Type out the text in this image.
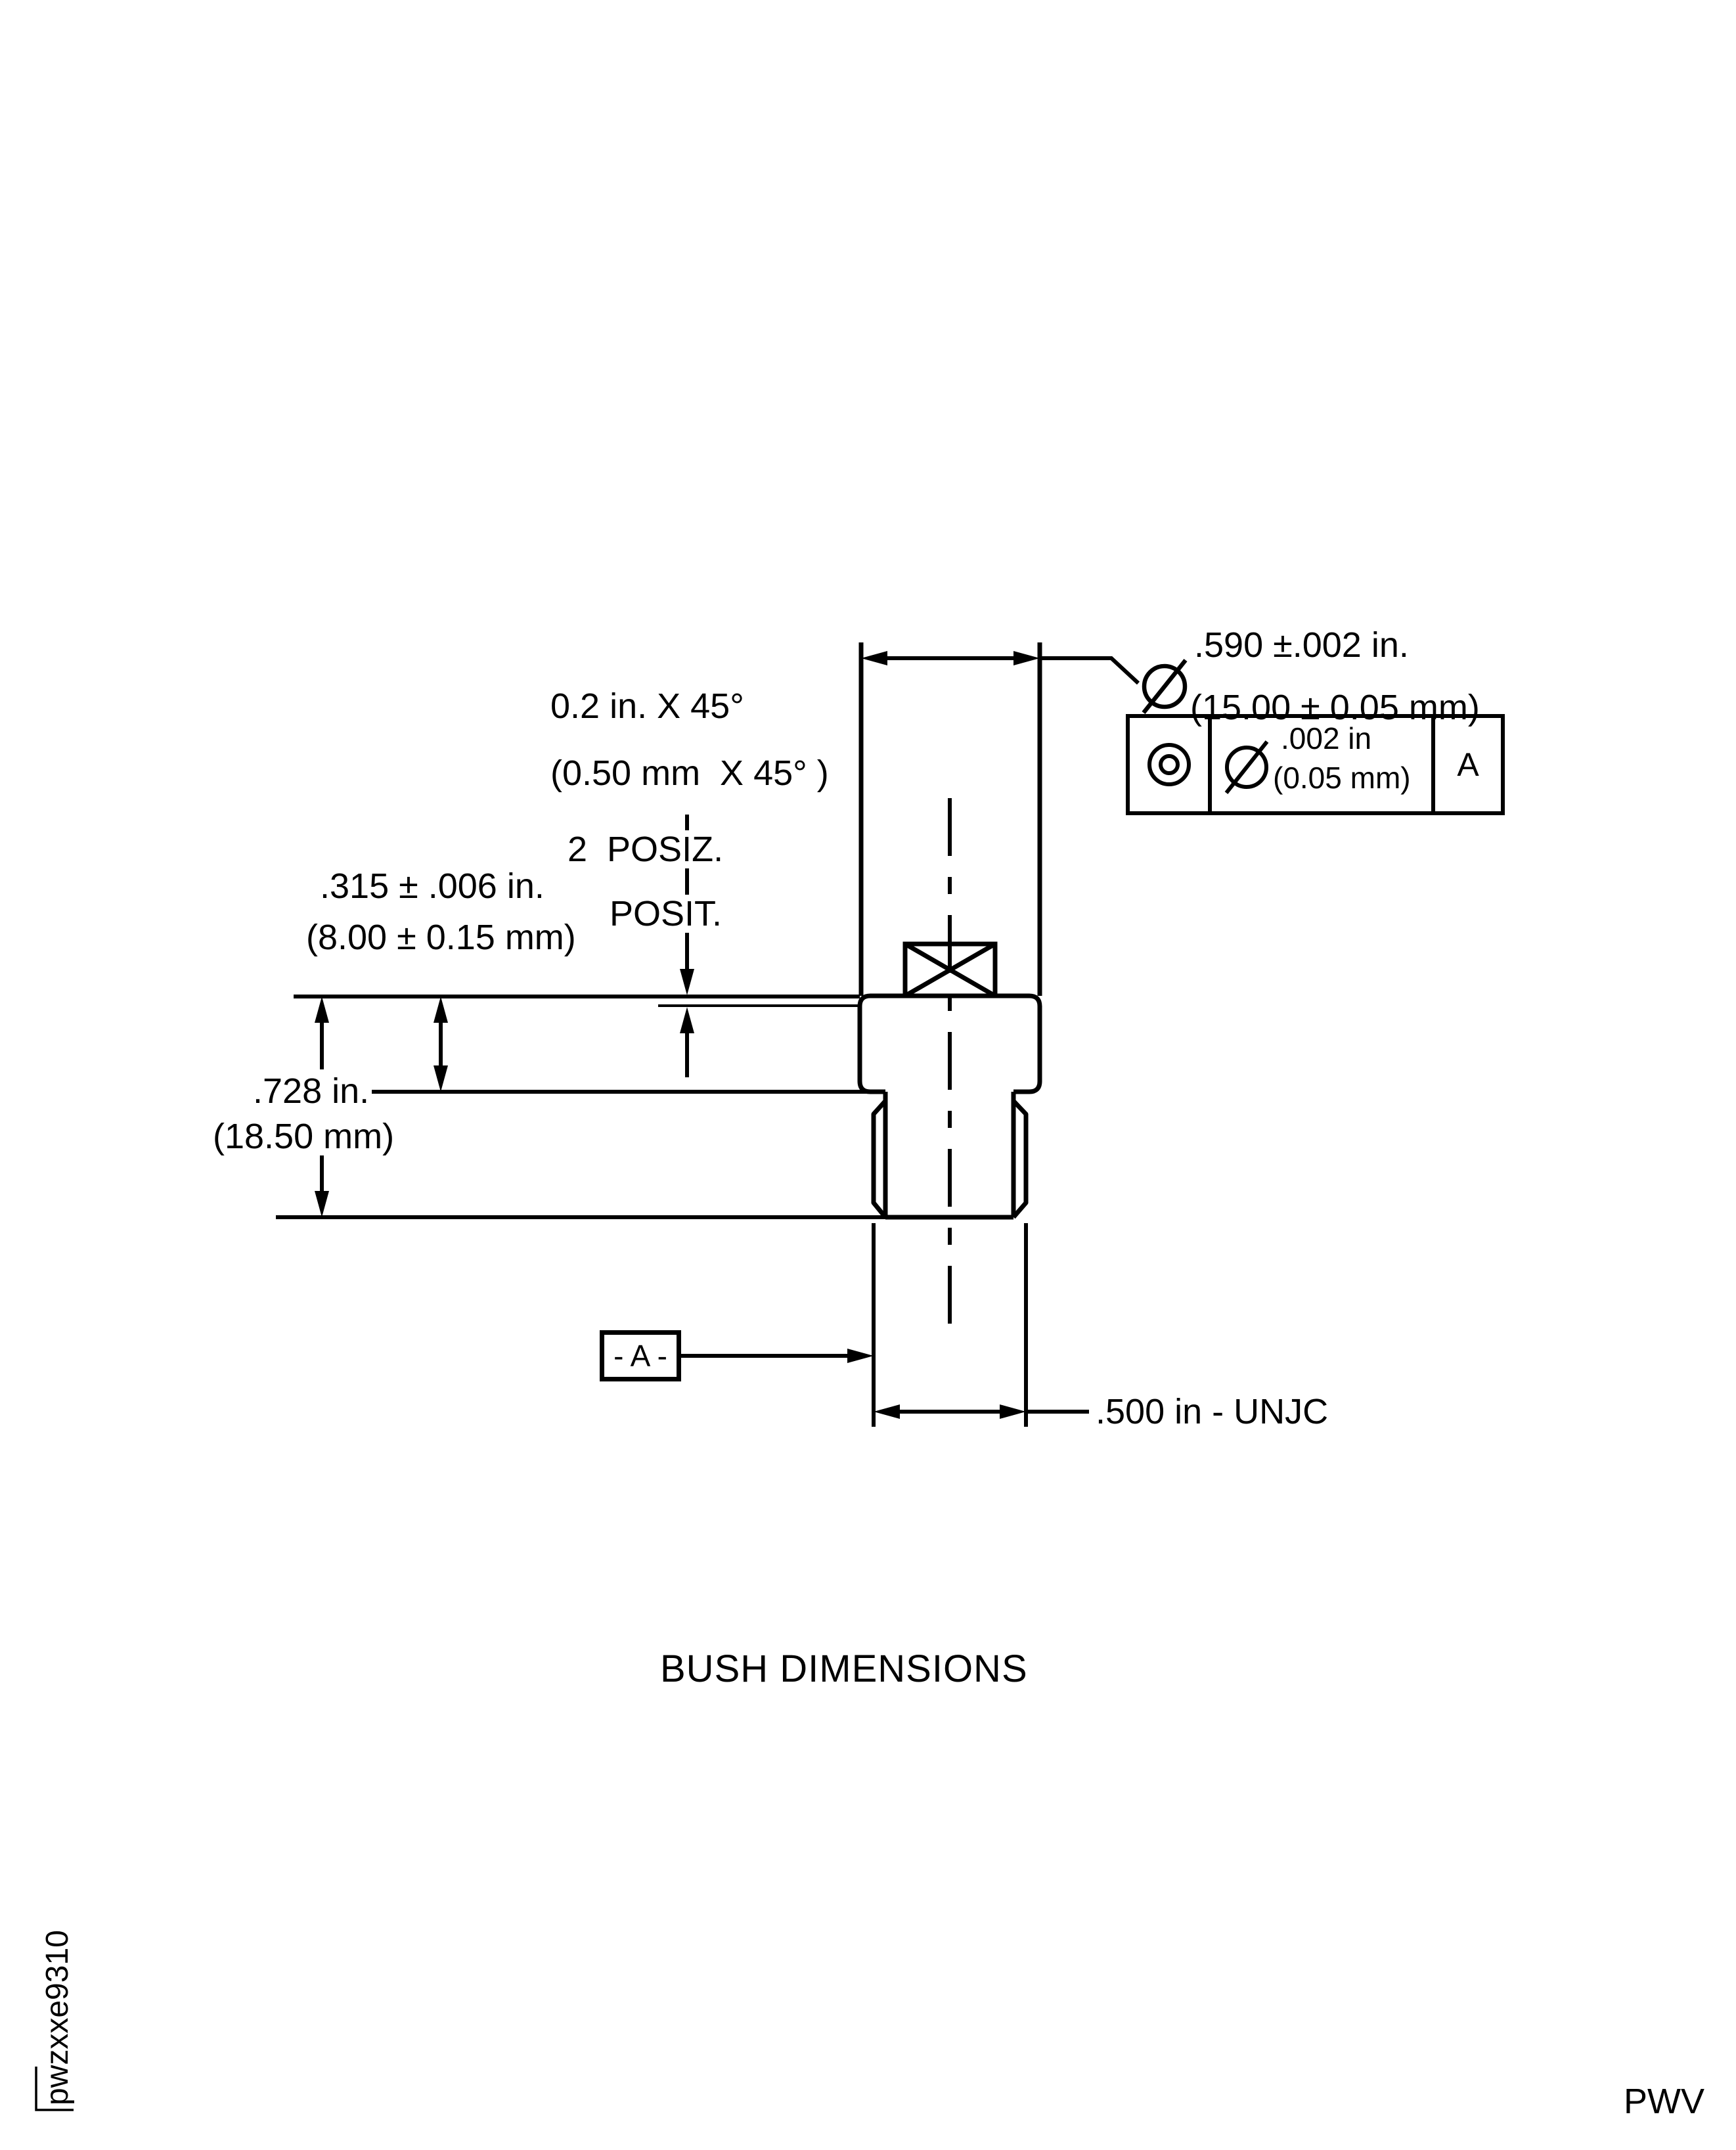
0.2 in. X 45°
(0.50 mm  X 45° )
2  POSIZ.
POSIT.
.315 ± .006 in.
(8.00 ± 0.15 mm)
.728 in.
(18.50 mm)
.590 ±.002 in.
(15.00 ± 0.05 mm)
.002 in
(0.05 mm)	A
.500 in - UNJC
- A -
BUSH DIMENSIONS
pwzxxe9310	PWV
